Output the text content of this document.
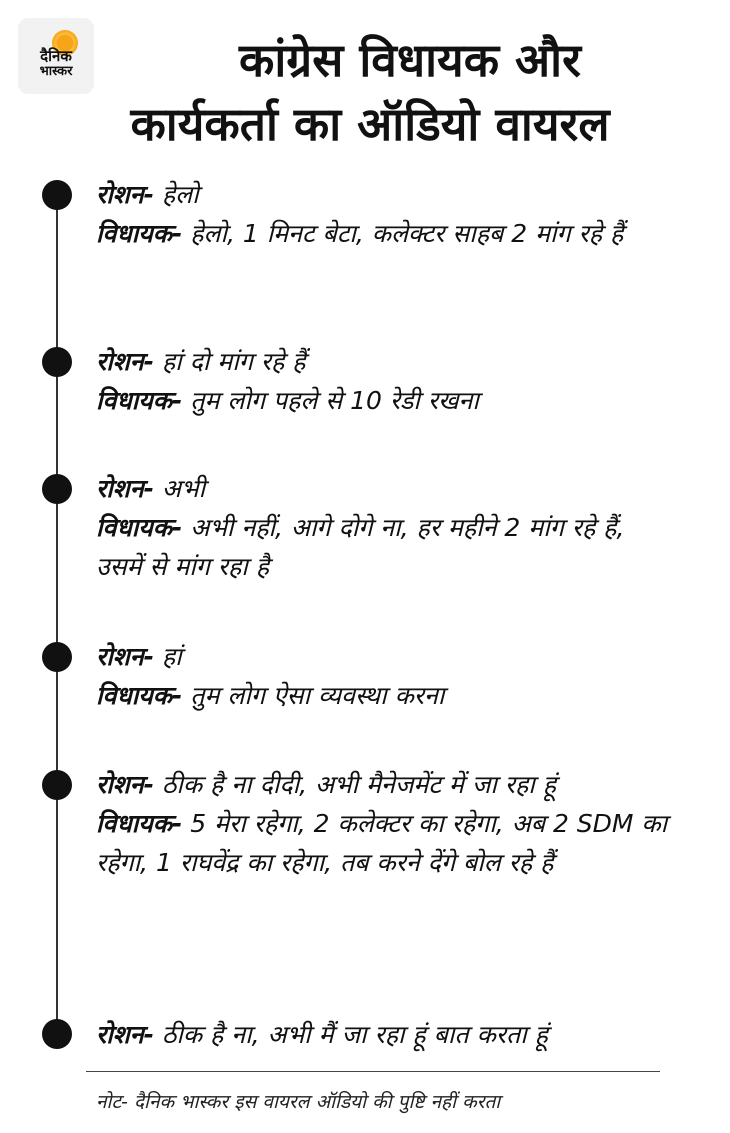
दैनिक
भास्कर	कांग्रेस विधायक और
कार्यकर्ता का ऑडियो वायरल
रोशन- हेलो
विधायक- हेलो, 1 मिनट बेटा, कलेक्टर साहब 2 मांग रहे हैं
रोशन- हां दो मांग रहे हैं
विधायक- तुम लोग पहले से 10 रेडी रखना
रोशन- अभी
विधायक- अभी नहीं, आगे दोगे ना, हर महीने 2 मांग रहे हैं, उसमें से मांग रहा है
रोशन- हां
विधायक- तुम लोग ऐसा व्यवस्था करना
रोशन- ठीक है ना दीदी, अभी मैनेजमेंट में जा रहा हूं
विधायक- 5 मेरा रहेगा, 2 कलेक्टर का रहेगा, अब 2 SDM का रहेगा, 1 राघवेंद्र का रहेगा, तब करने देंगे बोल रहे हैं
रोशन- ठीक है ना, अभी मैं जा रहा हूं बात करता हूं
नोट- दैनिक भास्कर इस वायरल ऑडियो की पुष्टि नहीं करता
